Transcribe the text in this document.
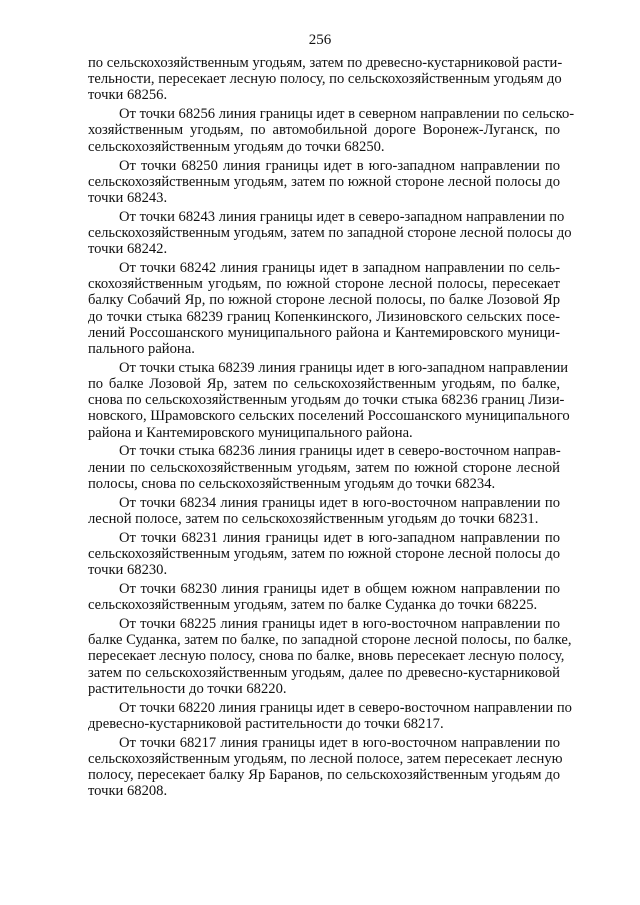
256
по сельскохозяйственным угодьям, затем по древесно-кустарниковой расти-
тельности, пересекает лесную полосу, по сельскохозяйственным угодьям до
точки 68256.
От точки 68256 линия границы идет в северном направлении по сельско-
хозяйственным угодьям, по автомобильной дороге Воронеж-Луганск, по
сельскохозяйственным угодьям до точки 68250.
От точки 68250 линия границы идет в юго-западном направлении по
сельскохозяйственным угодьям, затем по южной стороне лесной полосы до
точки 68243.
От точки 68243 линия границы идет в северо-западном направлении по
сельскохозяйственным угодьям, затем по западной стороне лесной полосы до
точки 68242.
От точки 68242 линия границы идет в западном направлении по сель-
скохозяйственным угодьям, по южной стороне лесной полосы, пересекает
балку Собачий Яр, по южной стороне лесной полосы, по балке Лозовой Яр
до точки стыка 68239 границ Копенкинского, Лизиновского сельских посе-
лений Россошанского муниципального района и Кантемировского муници-
пального района.
От точки стыка 68239 линия границы идет в юго-западном направлении
по балке Лозовой Яр, затем по сельскохозяйственным угодьям, по балке,
снова по сельскохозяйственным угодьям до точки стыка 68236 границ Лизи-
новского, Шрамовского сельских поселений Россошанского муниципального
района и Кантемировского муниципального района.
От точки стыка 68236 линия границы идет в северо-восточном направ-
лении по сельскохозяйственным угодьям, затем по южной стороне лесной
полосы, снова по сельскохозяйственным угодьям до точки 68234.
От точки 68234 линия границы идет в юго-восточном направлении по
лесной полосе, затем по сельскохозяйственным угодьям до точки 68231.
От точки 68231 линия границы идет в юго-западном направлении по
сельскохозяйственным угодьям, затем по южной стороне лесной полосы до
точки 68230.
От точки 68230 линия границы идет в общем южном направлении по
сельскохозяйственным угодьям, затем по балке Суданка до точки 68225.
От точки 68225 линия границы идет в юго-восточном направлении по
балке Суданка, затем по балке, по западной стороне лесной полосы, по балке,
пересекает лесную полосу, снова по балке, вновь пересекает лесную полосу,
затем по сельскохозяйственным угодьям, далее по древесно-кустарниковой
растительности до точки 68220.
От точки 68220 линия границы идет в северо-восточном направлении по
древесно-кустарниковой растительности до точки 68217.
От точки 68217 линия границы идет в юго-восточном направлении по
сельскохозяйственным угодьям, по лесной полосе, затем пересекает лесную
полосу, пересекает балку Яр Баранов, по сельскохозяйственным угодьям до
точки 68208.
